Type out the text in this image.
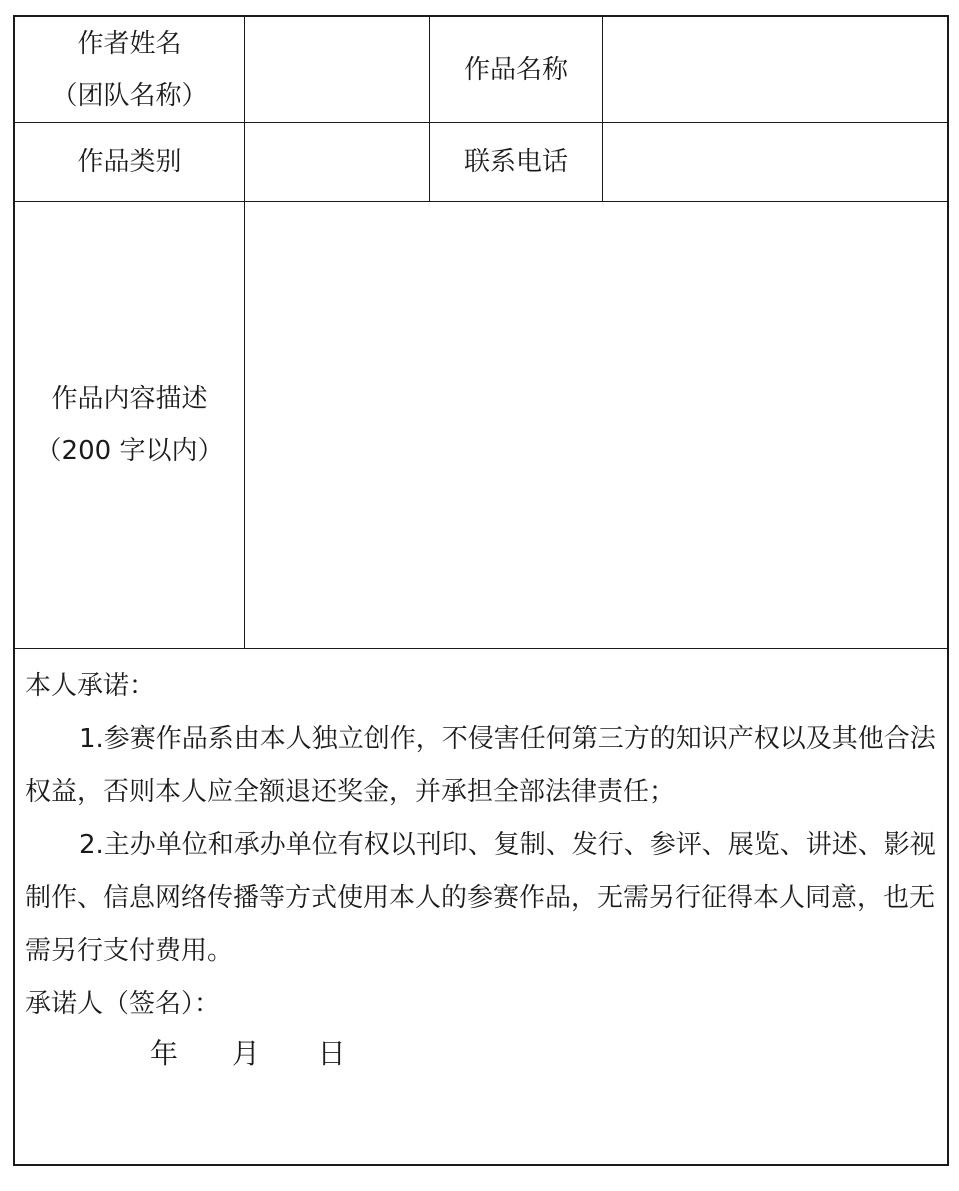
作者姓名
（团队名称）
作品名称
作品类别	联系电话
作品内容描述
（200 字以内）

本人承诺：

1.参赛作品系由本人独立创作，不侵害任何第三方的知识产权以及其他合法权益，否则本人应全额退还奖金，并承担全部法律责任；

2.主办单位和承办单位有权以刊印、复制、发行、参评、展览、讲述、影视制作、信息网络传播等方式使用本人的参赛作品，无需另行征得本人同意，也无需另行支付费用。

承诺人（签名）：

年 月 日
